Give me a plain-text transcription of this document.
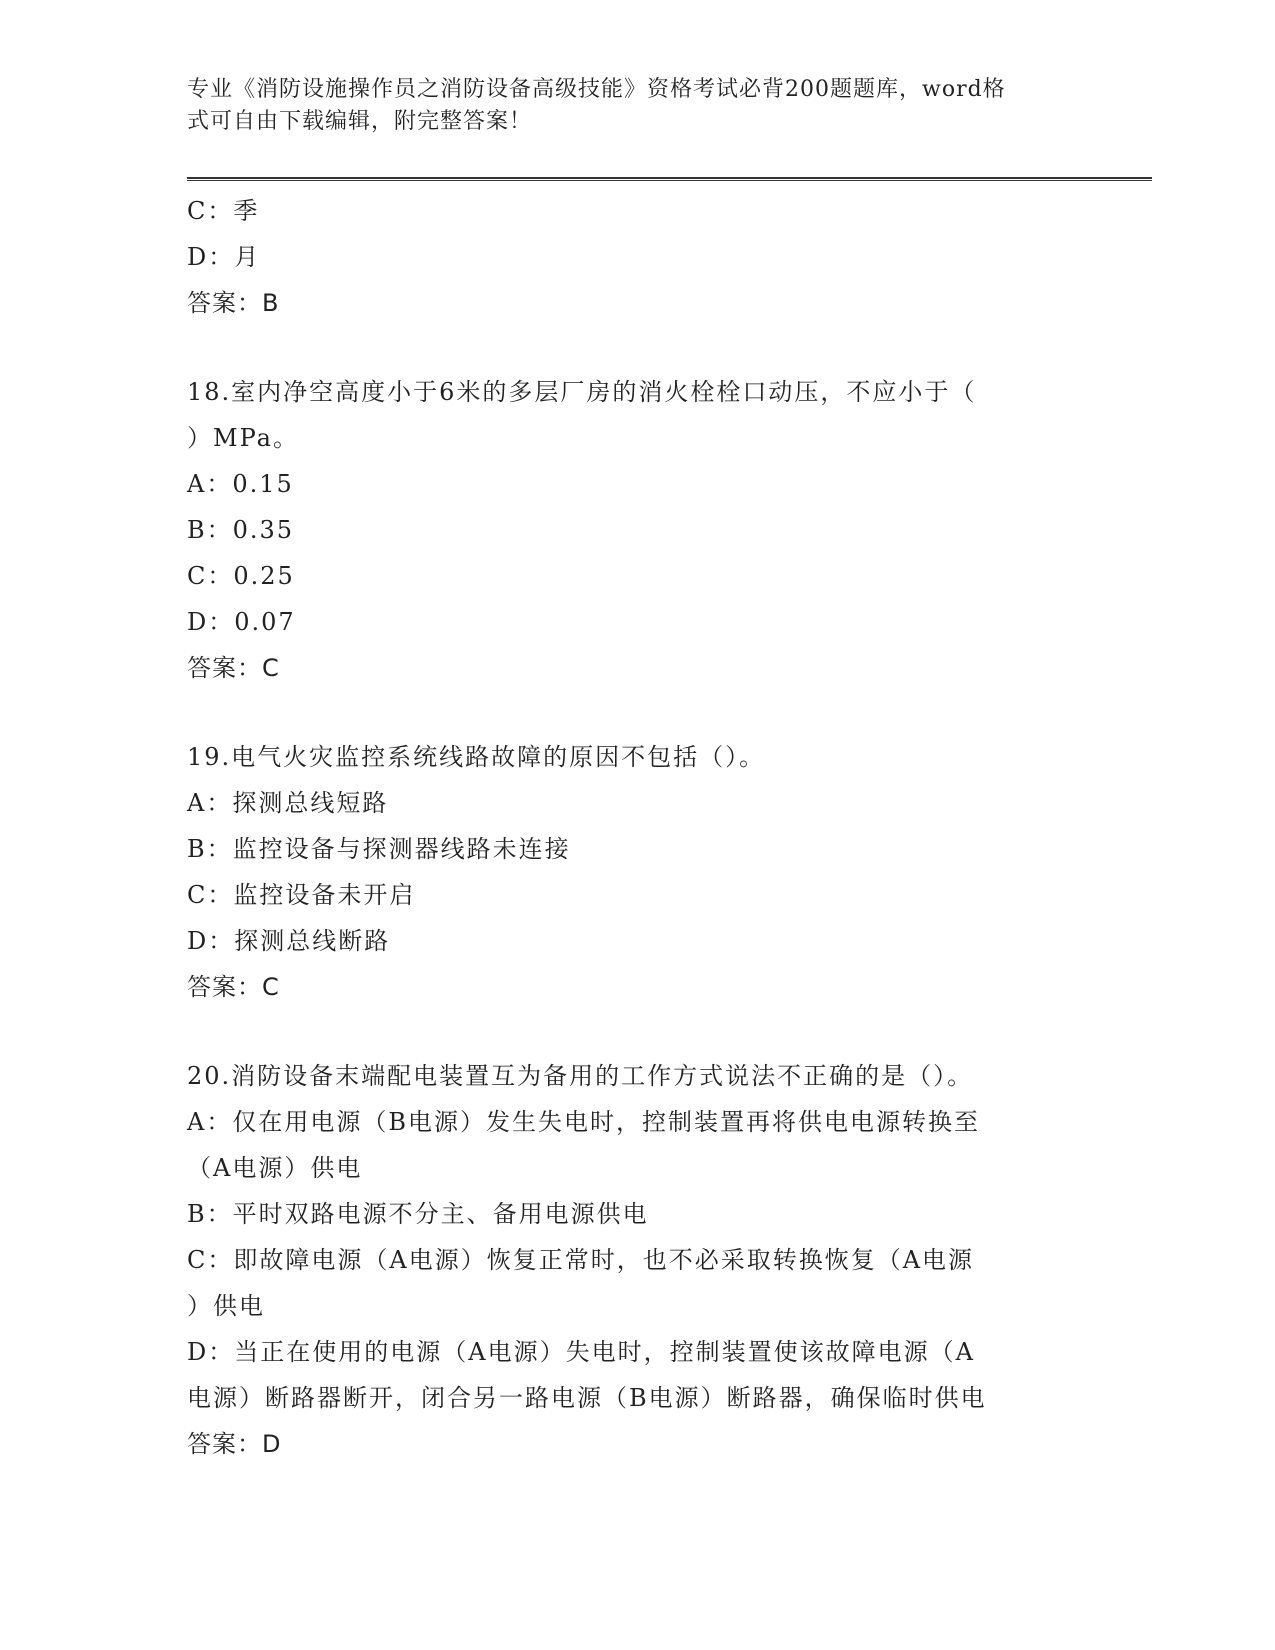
专业《消防设施操作员之消防设备高级技能》资格考试必背200题题库，word格
式可自由下载编辑，附完整答案！
C：季
D：月
答案：B
18.室内净空高度小于6米的多层厂房的消火栓栓口动压，不应小于（
）MPa。
A：0.15
B：0.35
C：0.25
D：0.07
答案：C
19.电气火灾监控系统线路故障的原因不包括（）。
A：探测总线短路
B：监控设备与探测器线路未连接
C：监控设备未开启
D：探测总线断路
答案：C
20.消防设备末端配电装置互为备用的工作方式说法不正确的是（）。
A：仅在用电源（B电源）发生失电时，控制装置再将供电电源转换至
（A电源）供电
B：平时双路电源不分主、备用电源供电
C：即故障电源（A电源）恢复正常时，也不必采取转换恢复（A电源
）供电
D：当正在使用的电源（A电源）失电时，控制装置使该故障电源（A
电源）断路器断开，闭合另一路电源（B电源）断路器，确保临时供电
答案：D
